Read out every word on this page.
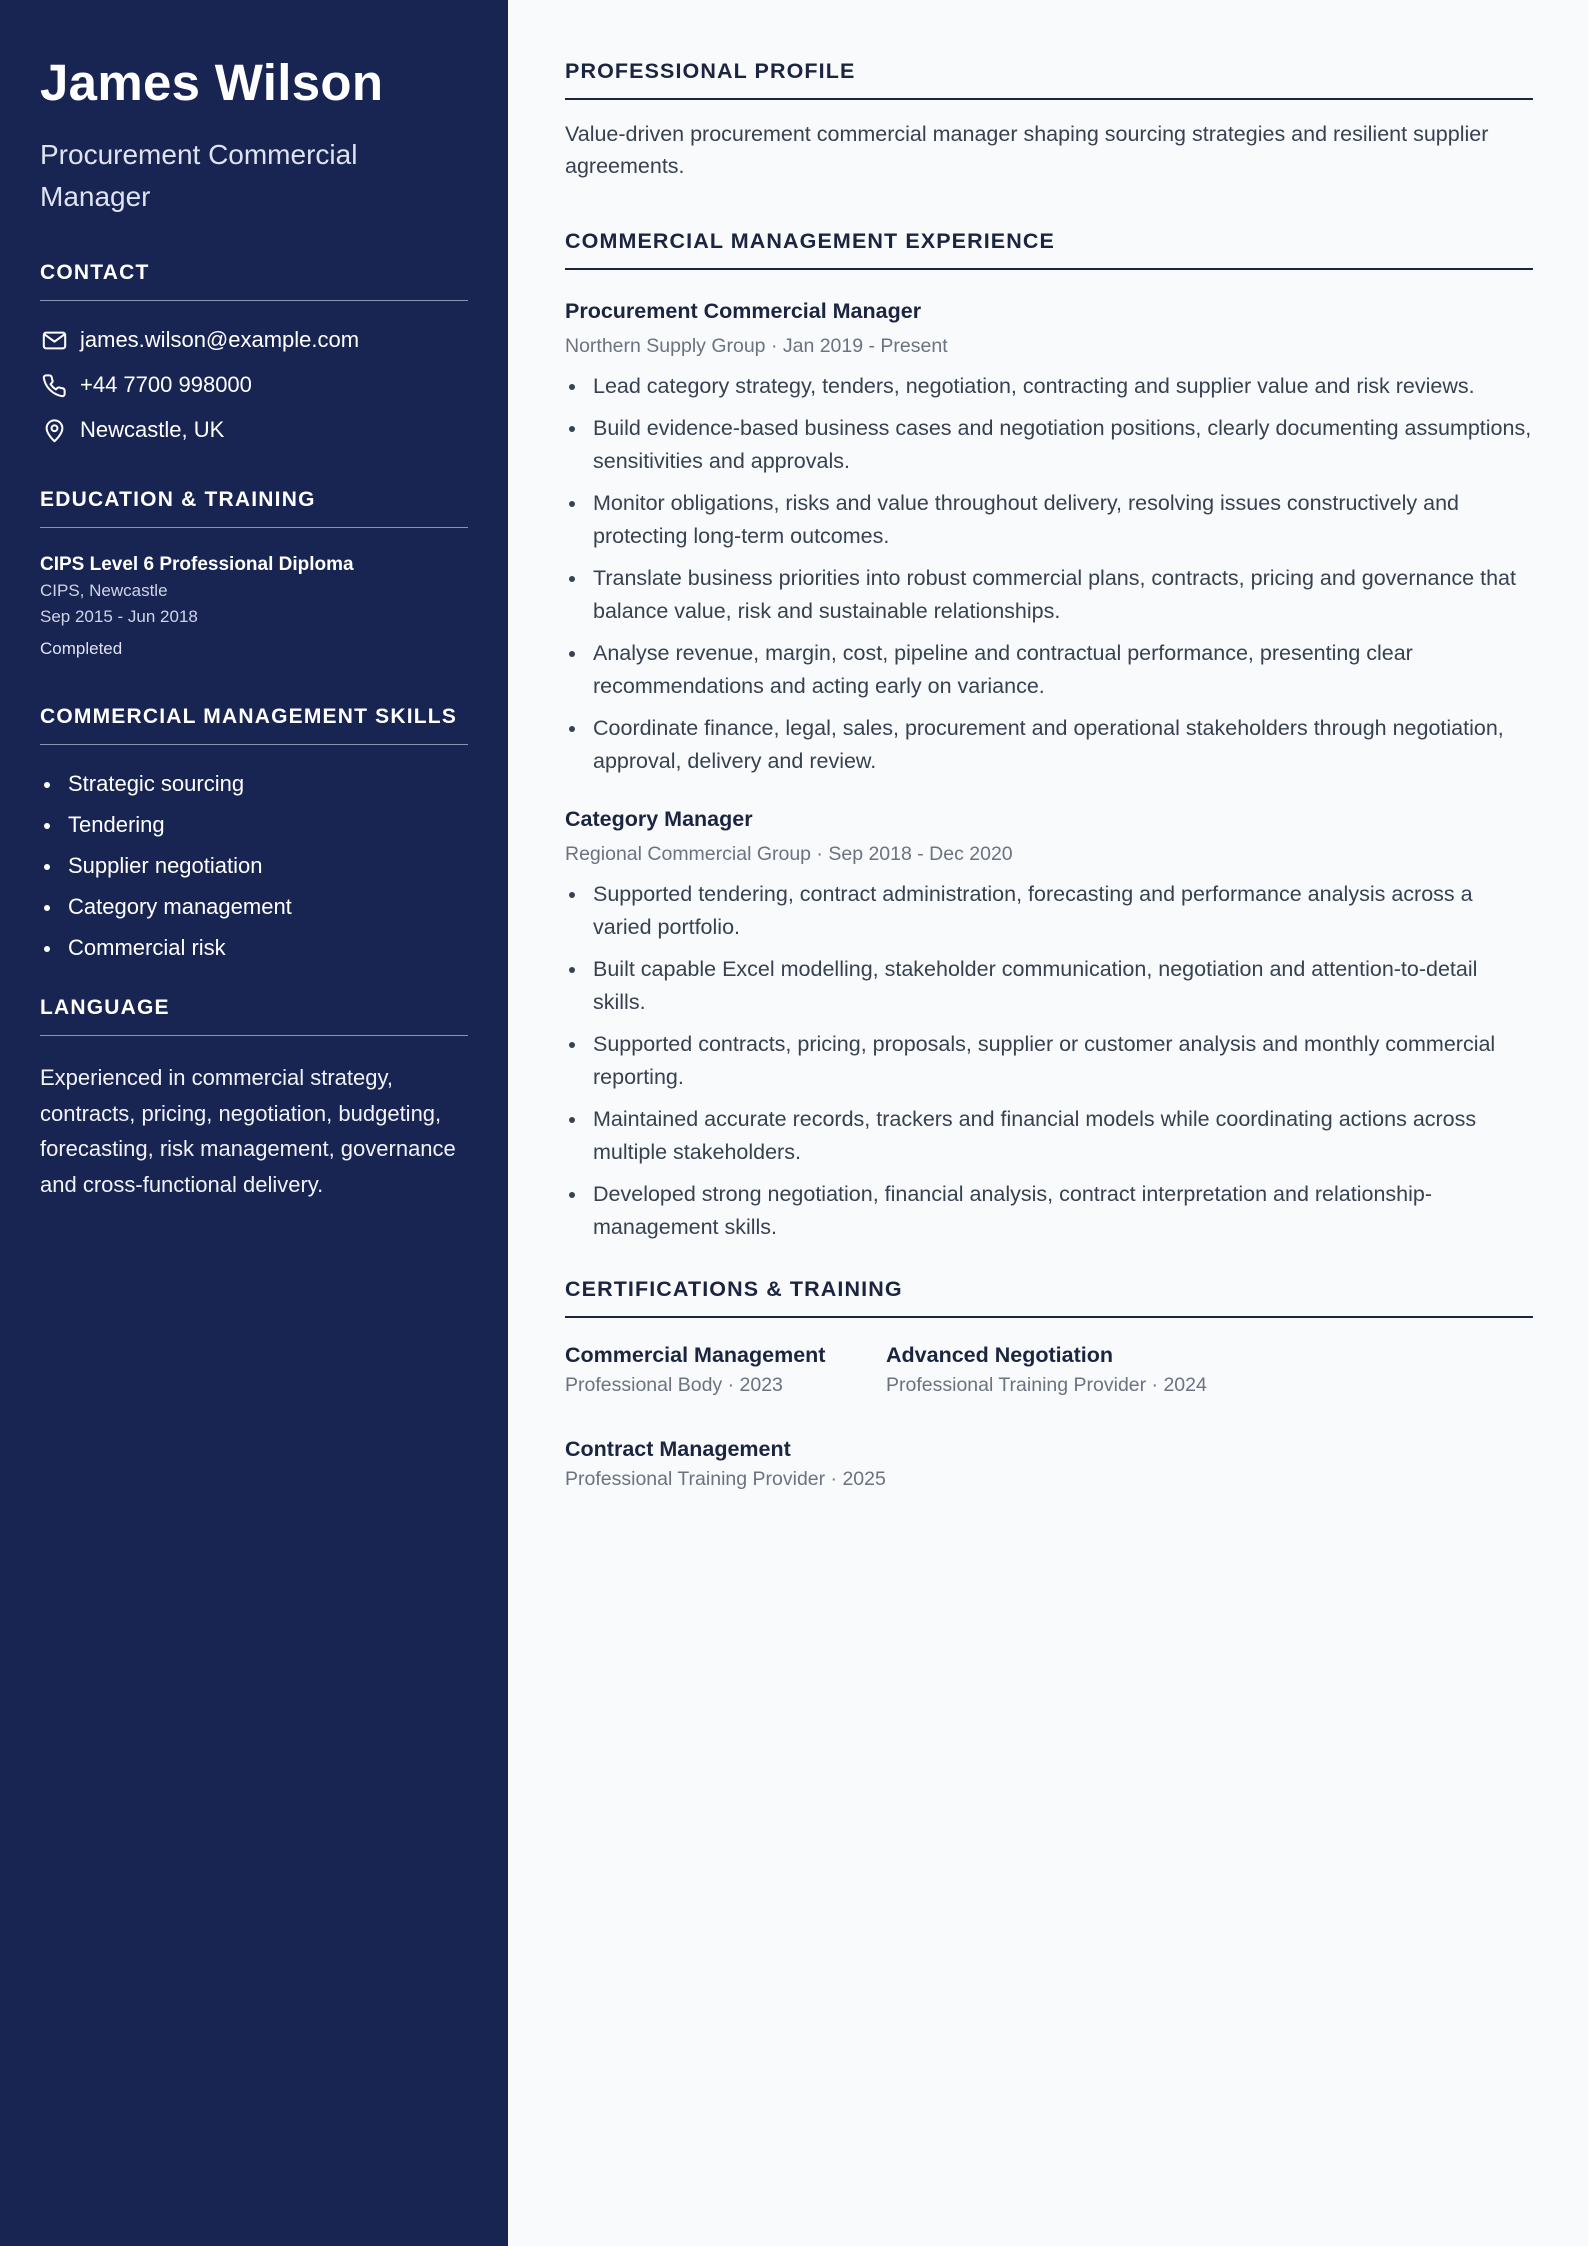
James Wilson

Procurement Commercial Manager

CONTACT
james.wilson@example.com
+44 7700 998000
Newcastle, UK
EDUCATION & TRAINING
CIPS Level 6 Professional Diploma
CIPS, Newcastle
Sep 2015 - Jun 2018
Completed
COMMERCIAL MANAGEMENT SKILLS
Strategic sourcing
Tendering
Supplier negotiation
Category management
Commercial risk
LANGUAGE

Experienced in commercial strategy, contracts, pricing, negotiation, budgeting, forecasting, risk management, governance and cross-functional delivery.

PROFESSIONAL PROFILE

Value-driven procurement commercial manager shaping sourcing strategies and resilient supplier agreements.

COMMERCIAL MANAGEMENT EXPERIENCE
Procurement Commercial Manager
Northern Supply Group · Jan 2019 - Present
Lead category strategy, tenders, negotiation, contracting and supplier value and risk reviews.
Build evidence-based business cases and negotiation positions, clearly documenting assumptions, sensitivities and approvals.
Monitor obligations, risks and value throughout delivery, resolving issues constructively and protecting long-term outcomes.
Translate business priorities into robust commercial plans, contracts, pricing and governance that balance value, risk and sustainable relationships.
Analyse revenue, margin, cost, pipeline and contractual performance, presenting clear recommendations and acting early on variance.
Coordinate finance, legal, sales, procurement and operational stakeholders through negotiation, approval, delivery and review.
Category Manager
Regional Commercial Group · Sep 2018 - Dec 2020
Supported tendering, contract administration, forecasting and performance analysis across a varied portfolio.
Built capable Excel modelling, stakeholder communication, negotiation and attention-to-detail skills.
Supported contracts, pricing, proposals, supplier or customer analysis and monthly commercial reporting.
Maintained accurate records, trackers and financial models while coordinating actions across multiple stakeholders.
Developed strong negotiation, financial analysis, contract interpretation and relationship-management skills.
CERTIFICATIONS & TRAINING
Commercial Management
Professional Body · 2023
Advanced Negotiation
Professional Training Provider · 2024
Contract Management
Professional Training Provider · 2025
